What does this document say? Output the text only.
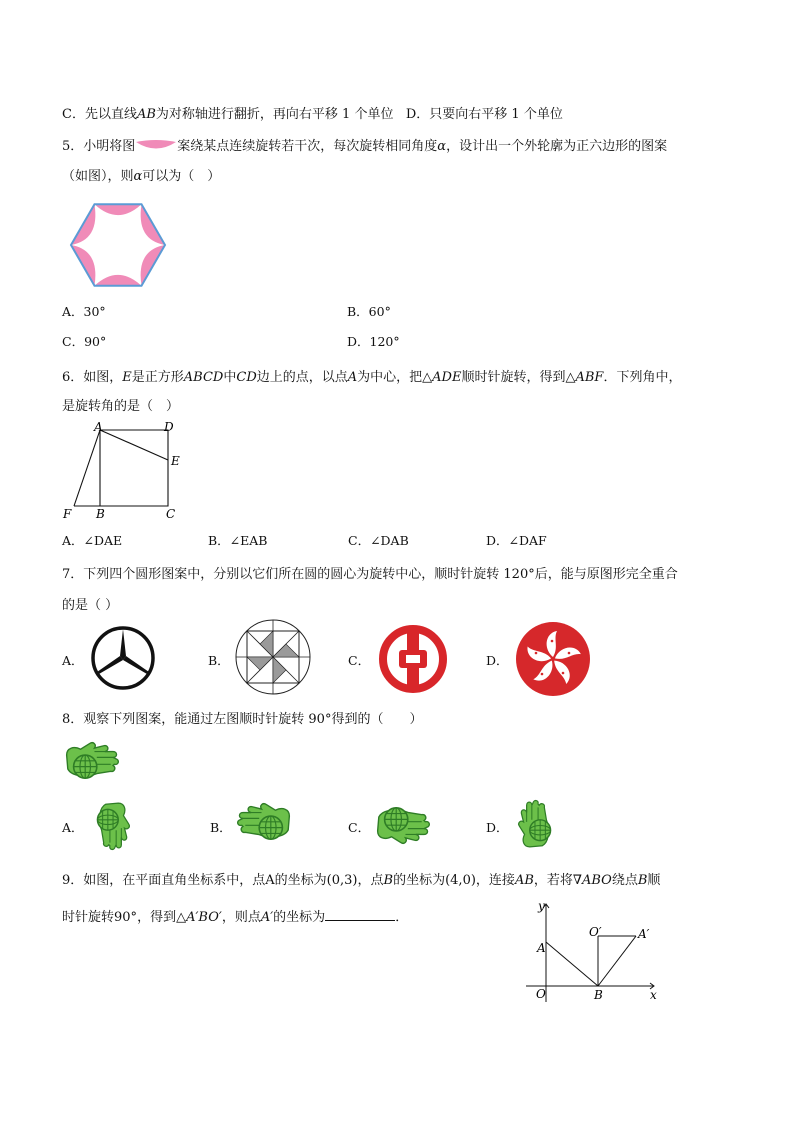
C．先以直线AB为对称轴进行翻折，再向右平移 1 个单位 D．只要向右平移 1 个单位
5．小明将图	案绕某点连续旋转若干次，每次旋转相同角度α，设计出一个外轮廓为正六边形的图案
（如图），则α可以为（　）
A．30°	B．60°
C．90°	D．120°
6．如图，E是正方形ABCD中CD边上的点，以点A为中心，把△ADE顺时针旋转，得到△ABF．下列角中，
是旋转角的是（　）
A	D
E
F B	C
A．∠DAE	B．∠EAB	C．∠DAB	D．∠DAF
7．下列四个圆形图案中，分别以它们所在圆的圆心为旋转中心，顺时针旋转 120°后，能与原图形完全重合
的是（ ）
A．	B．	C．	D．
8．观察下列图案，能通过左图顺时针旋转 90°得到的（　　）
A．	B．	C．	D．
9．如图，在平面直角坐标系中，点A的坐标为(0,3)，点B的坐标为(4,0)，连接AB，若将∇ABO绕点B顺
时针旋转90°，得到△A′BO′，则点A′的坐标为	．
y
x
O
A
B
O′	A′
